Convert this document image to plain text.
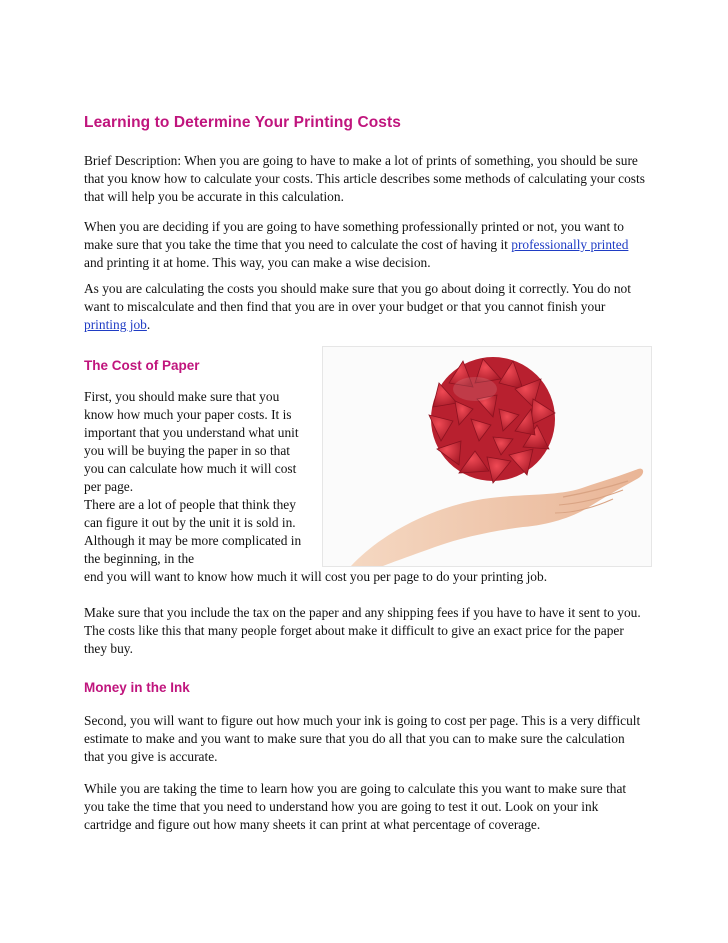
Learning to Determine Your Printing Costs

Brief Description: When you are going to have to make a lot of prints of something, you should be sure that you know how to calculate your costs. This article describes some methods of calculating your costs that will help you be accurate in this calculation.

When you are deciding if you are going to have something professionally printed or not, you want to make sure that you take the time that you need to calculate the cost of having it professionally printed and printing it at home. This way, you can make a wise decision.

As you are calculating the costs you should make sure that you go about doing it correctly. You do not want to miscalculate and then find that you are in over your budget or that you cannot finish your printing job.

The Cost of Paper

First, you should make sure that you know how much your paper costs. It is important that you understand what unit you will be buying the paper in so that you can calculate how much it will cost per page.

There are a lot of people that think they can figure it out by the unit it is sold in. Although it may be more complicated in the beginning, in the

end you will want to know how much it will cost you per page to do your printing job.

Make sure that you include the tax on the paper and any shipping fees if you have to have it sent to you. The costs like this that many people forget about make it difficult to give an exact price for the paper they buy.

Money in the Ink

Second, you will want to figure out how much your ink is going to cost per page. This is a very difficult estimate to make and you want to make sure that you do all that you can to make sure the calculation that you give is accurate.

While you are taking the time to learn how you are going to calculate this you want to make sure that you take the time that you need to understand how you are going to test it out. Look on your ink cartridge and figure out how many sheets it can print at what percentage of coverage.
